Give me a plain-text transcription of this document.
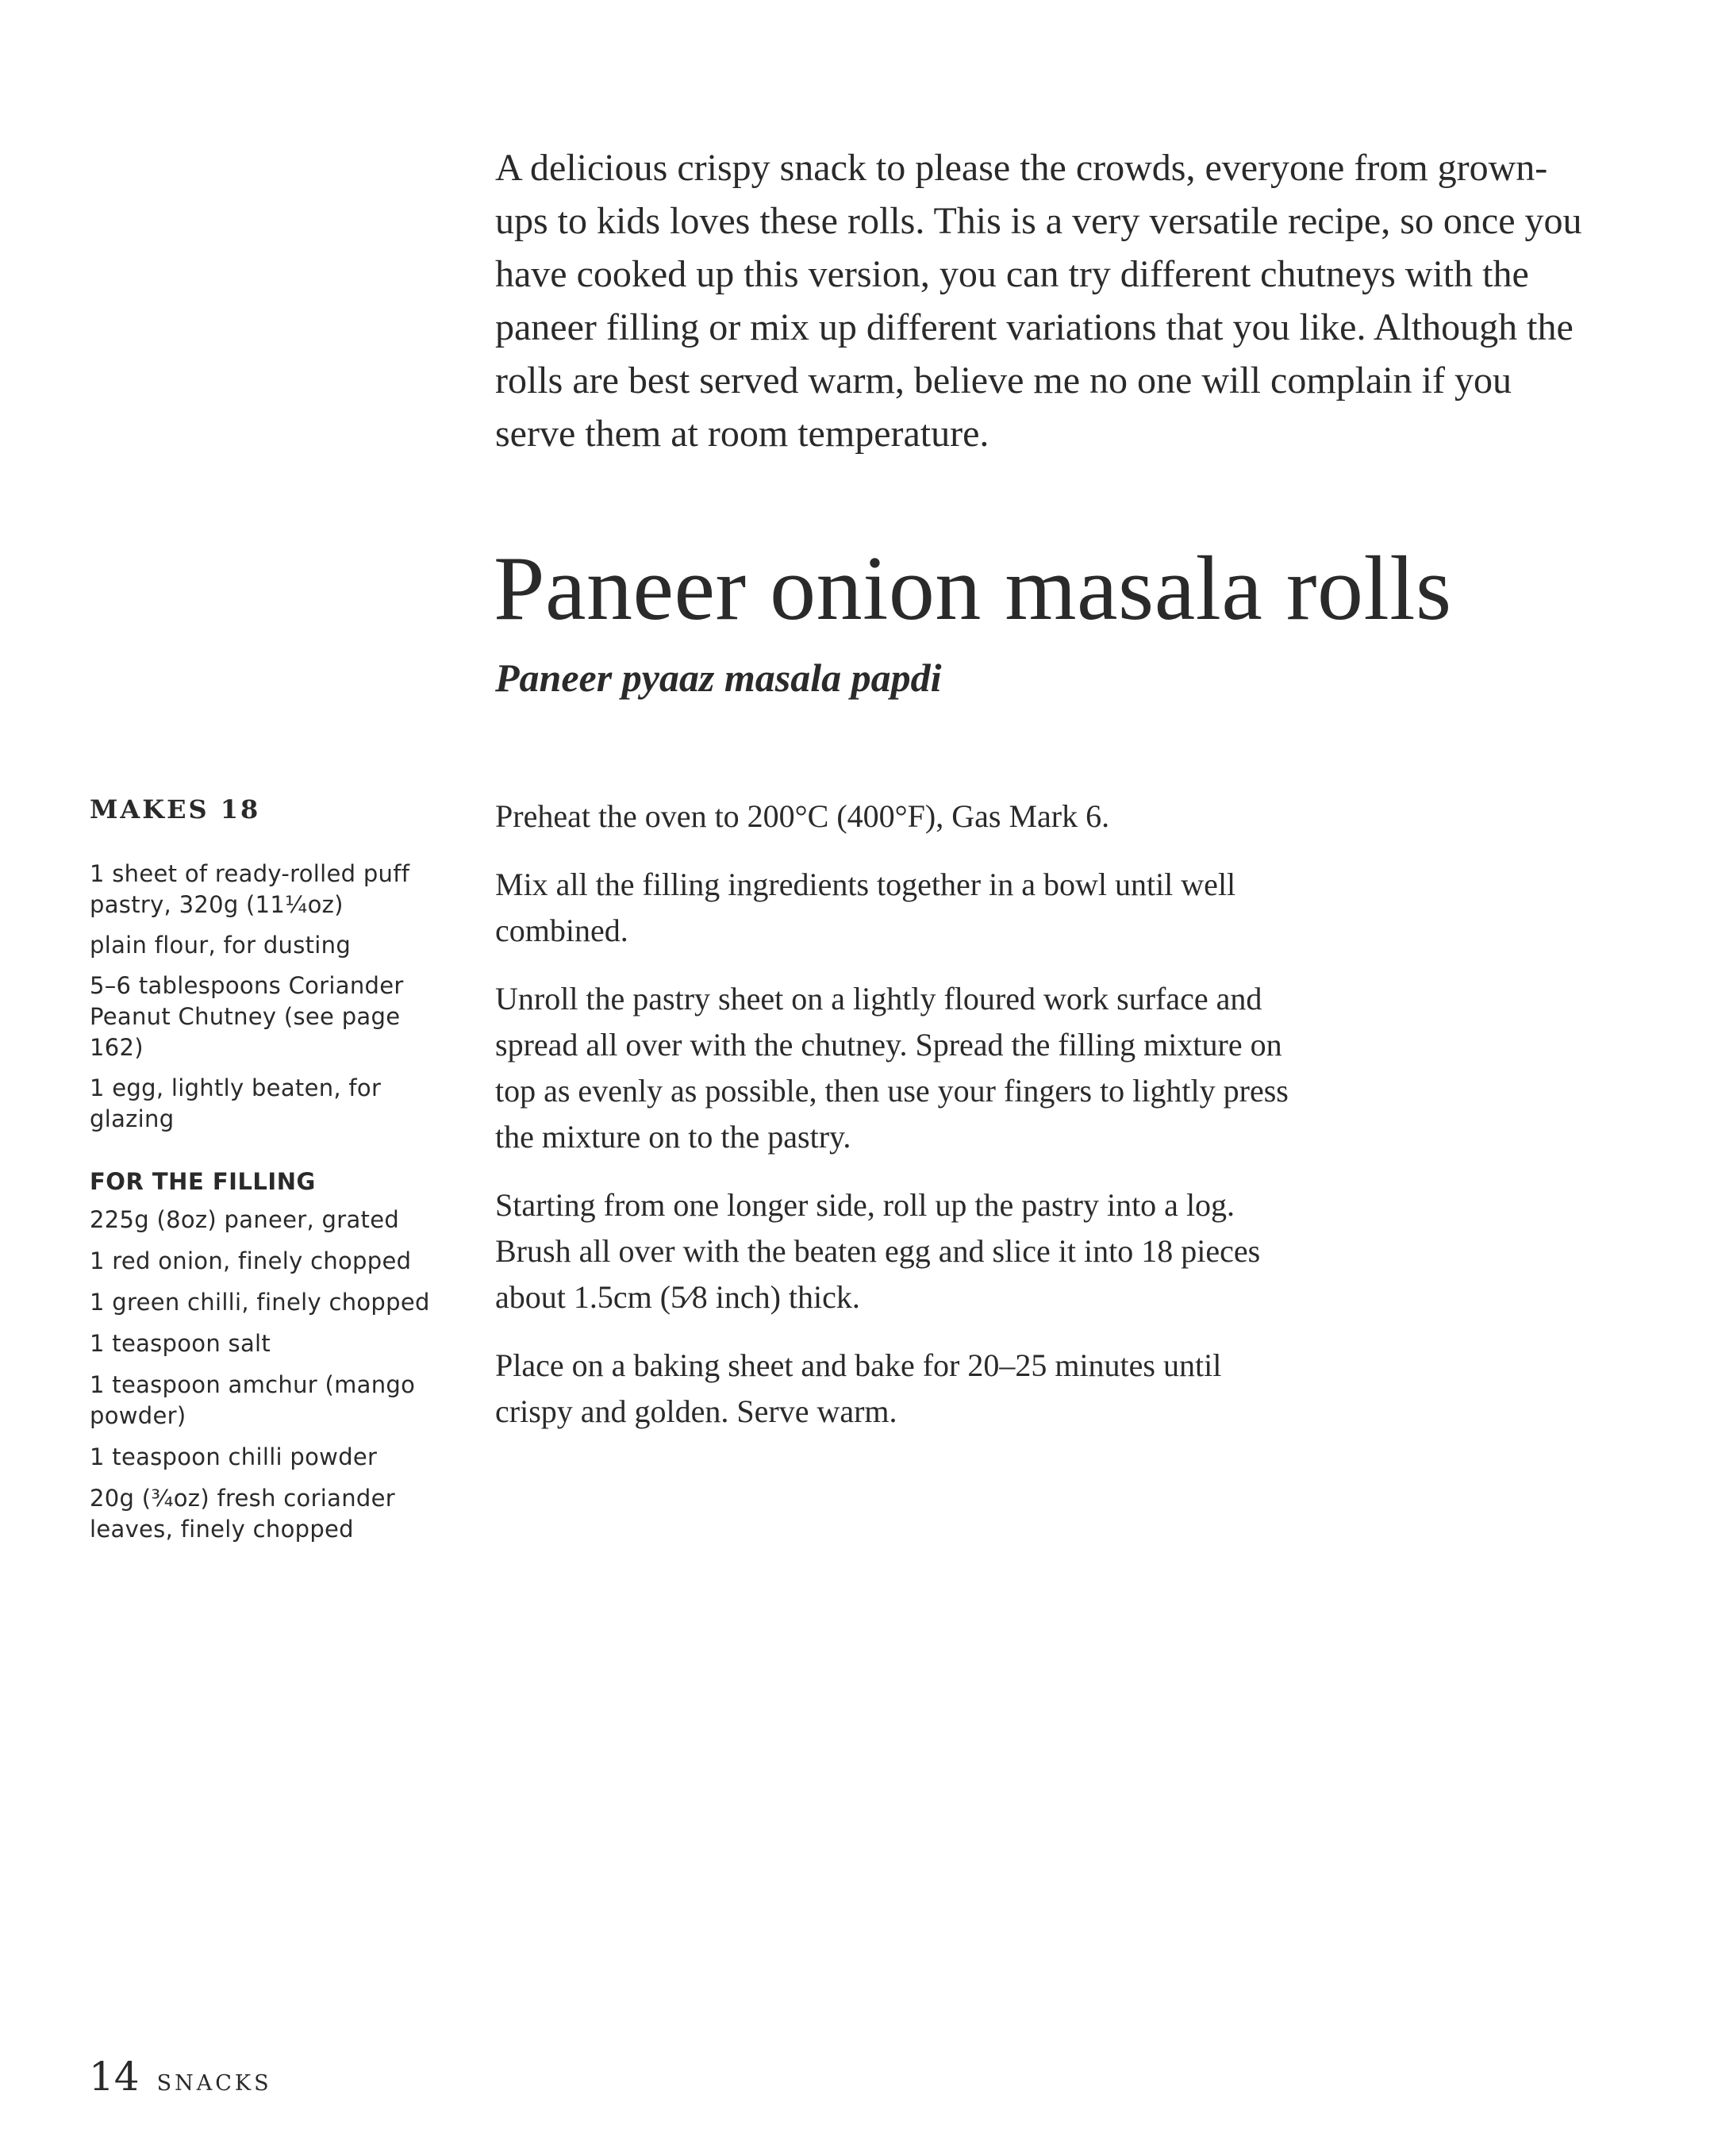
A delicious crispy snack to please the crowds, everyone from grown-ups to kids loves these rolls. This is a very versatile recipe, so once you have cooked up this version, you can try different chutneys with the paneer filling or mix up different variations that you like. Although the rolls are best served warm, believe me no one will complain if you serve them at room temperature.

Paneer onion masala rolls
Paneer pyaaz masala papdi
MAKES 18
1 sheet of ready-rolled puff pastry, 320g (11¼oz)
plain flour, for dusting
5–6 tablespoons Coriander Peanut Chutney (see page 162)
1 egg, lightly beaten, for glazing
FOR THE FILLING
225g (8oz) paneer, grated
1 red onion, finely chopped
1 green chilli, finely chopped
1 teaspoon salt
1 teaspoon amchur (mango powder)
1 teaspoon chilli powder
20g (¾oz) fresh coriander leaves, finely chopped

Preheat the oven to 200°C (400°F), Gas Mark 6.

Mix all the filling ingredients together in a bowl until well combined.

Unroll the pastry sheet on a lightly floured work surface and spread all over with the chutney. Spread the filling mixture on top as evenly as possible, then use your fingers to lightly press the mixture on to the pastry.

Starting from one longer side, roll up the pastry into a log. Brush all over with the beaten egg and slice it into 18 pieces about 1.5cm (5⁄8 inch) thick.

Place on a baking sheet and bake for 20–25 minutes until crispy and golden. Serve warm.

14 SNACKS
